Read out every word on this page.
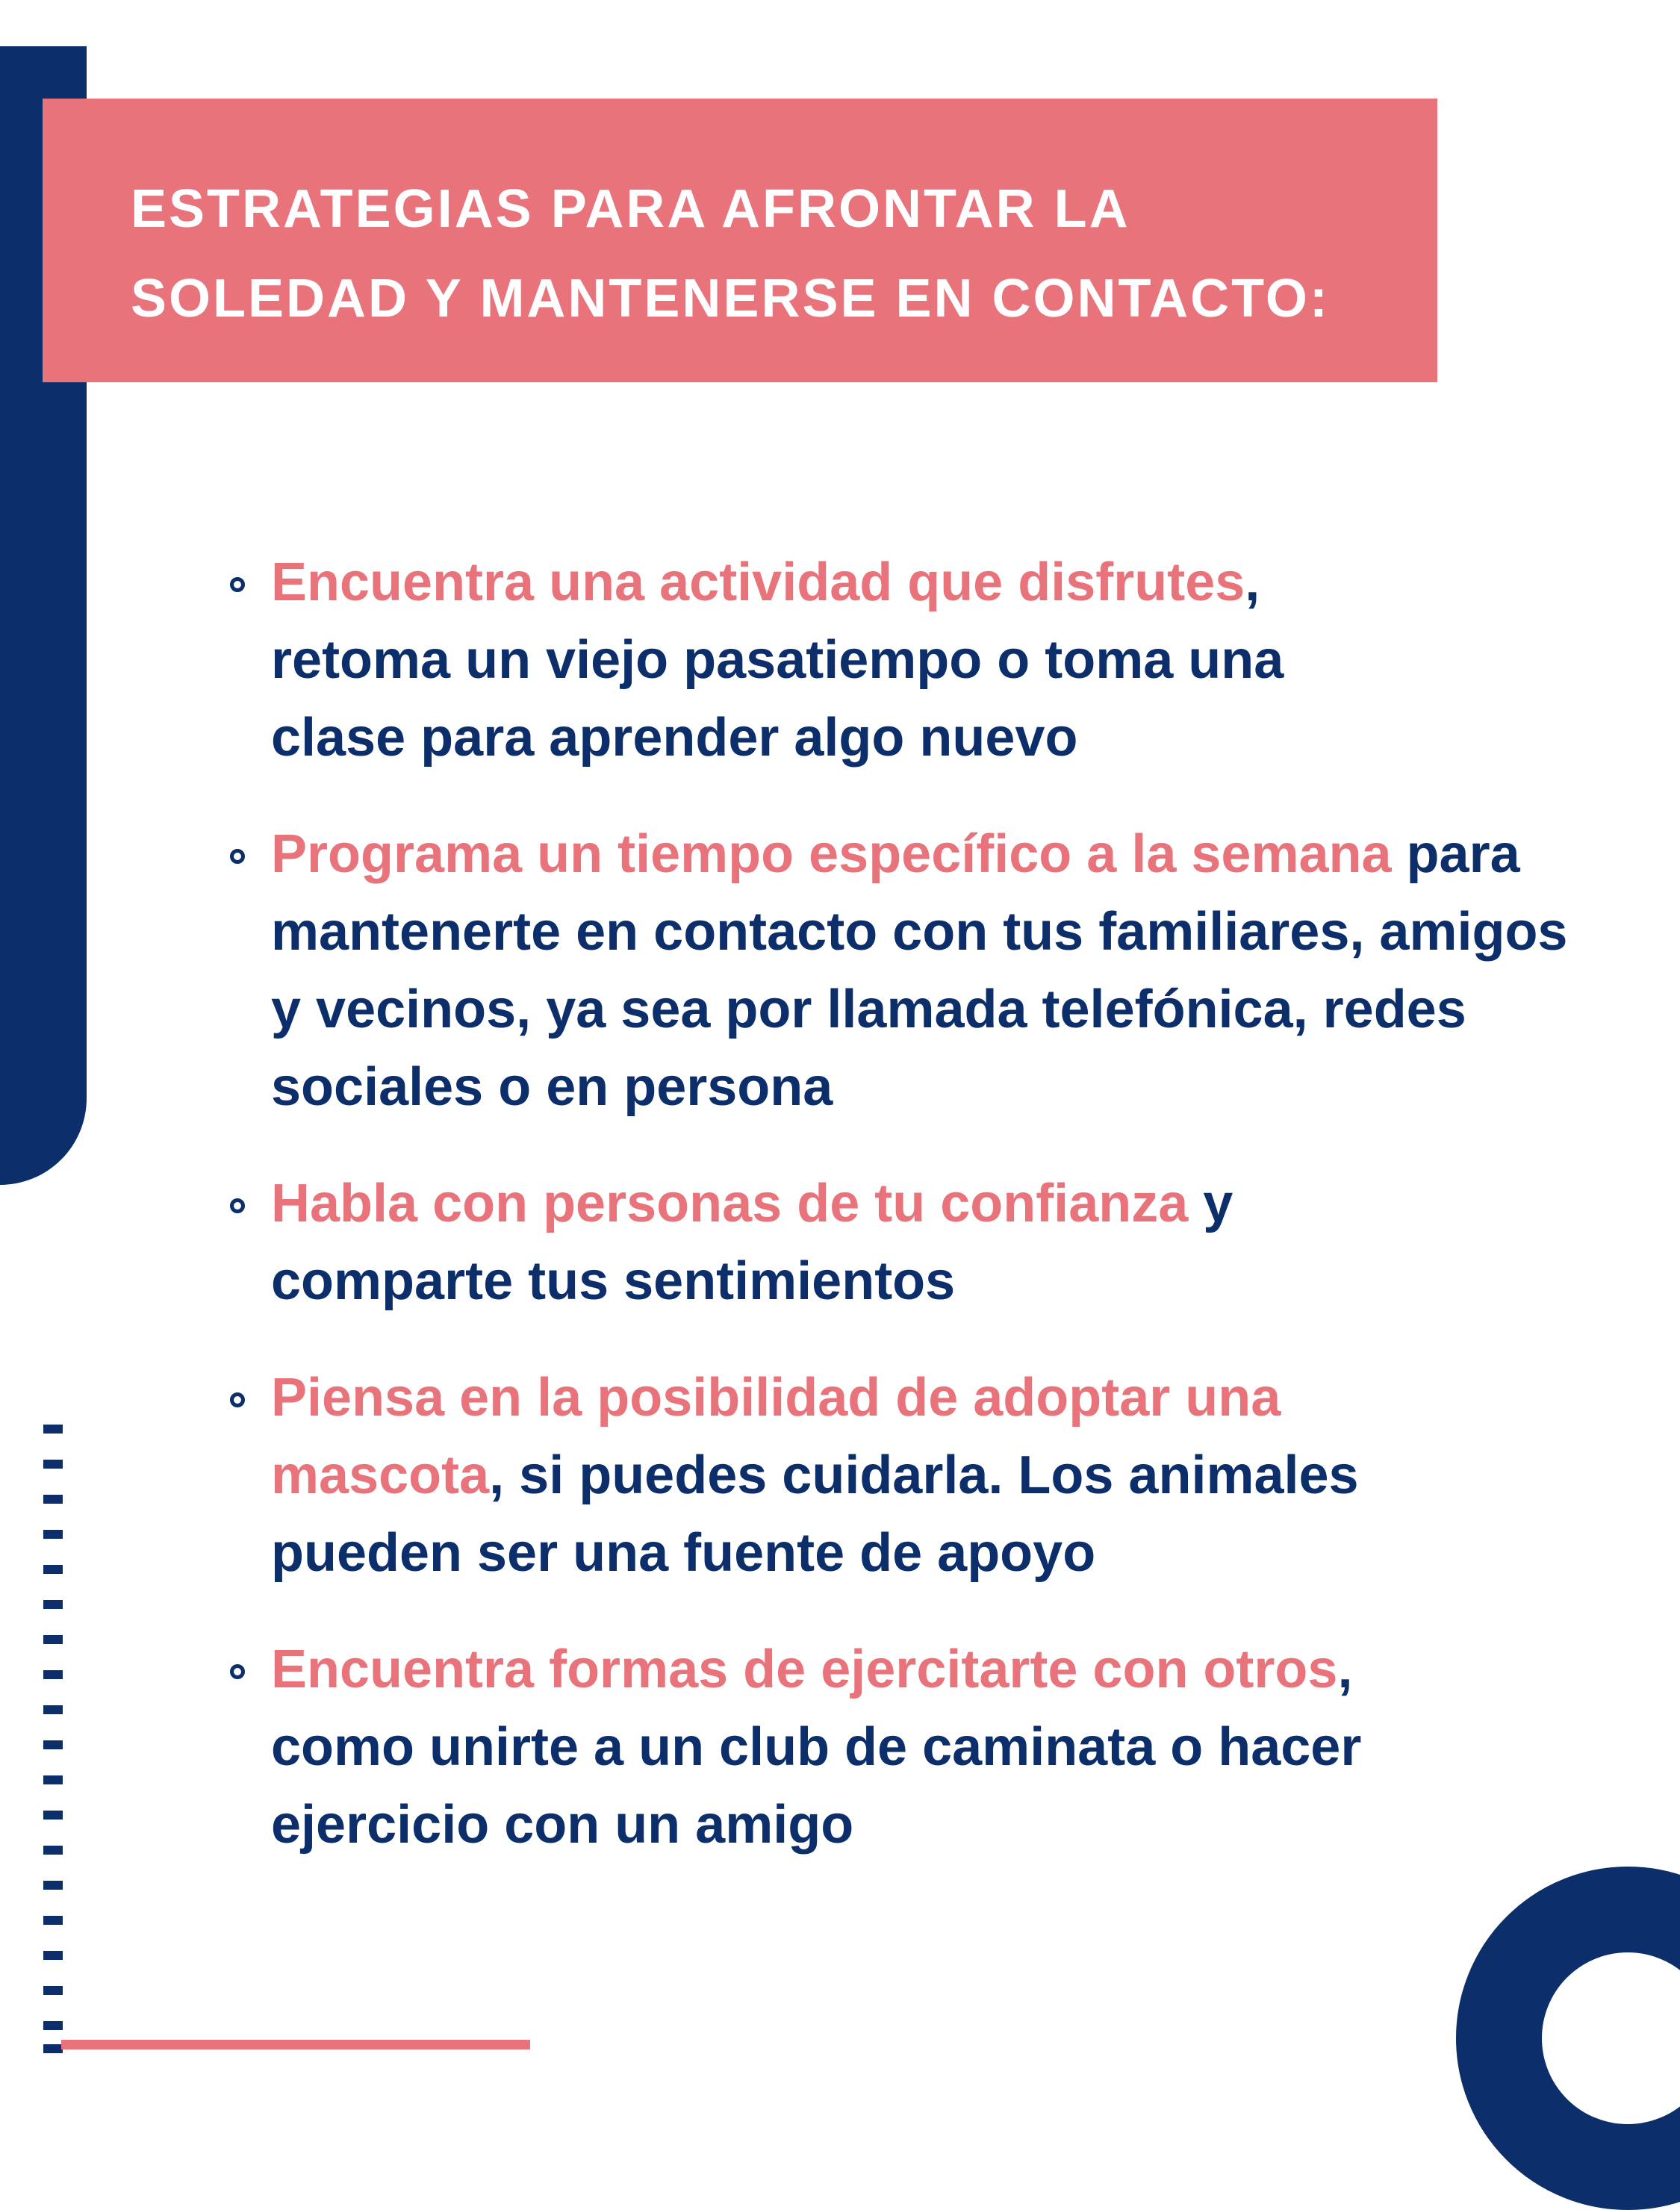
ESTRATEGIAS PARA AFRONTAR LA
SOLEDAD Y MANTENERSE EN CONTACTO:
Encuentra una actividad que disfrutes, retoma un viejo pasatiempo o toma una clase para aprender algo nuevo
Programa un tiempo específico a la semana para mantenerte en contacto con tus familiares, amigos y vecinos, ya sea por llamada telefónica, redes sociales o en persona
Habla con personas de tu confianza y comparte tus sentimientos
Piensa en la posibilidad de adoptar una mascota, si puedes cuidarla. Los animales pueden ser una fuente de apoyo
Encuentra formas de ejercitarte con otros, como unirte a un club de caminata o hacer ejercicio con un amigo
